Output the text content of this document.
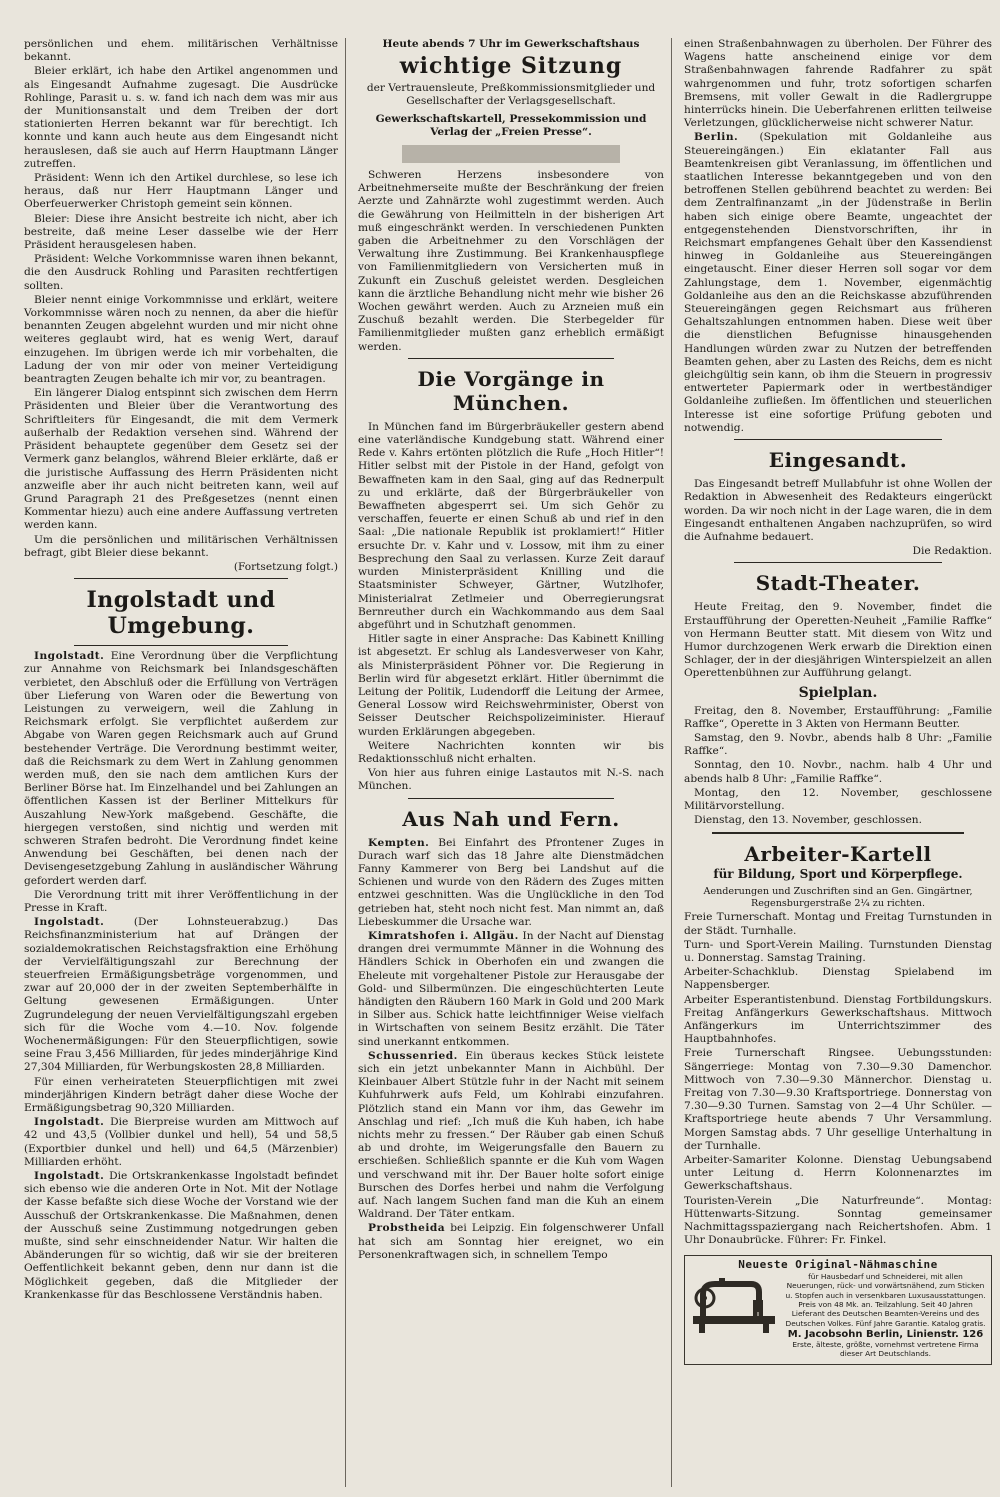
persönlichen und ehem. militärischen Verhältnisse bekannt.

Bleier erklärt, ich habe den Artikel angenommen und als Eingesandt Aufnahme zugesagt. Die Ausdrücke Rohlinge, Parasit u. s. w. fand ich nach dem was mir aus der Munitionsanstalt und dem Treiben der dort stationierten Herren bekannt war für berechtigt. Ich konnte und kann auch heute aus dem Eingesandt nicht herauslesen, daß sie auch auf Herrn Hauptmann Länger zutreffen.

Präsident: Wenn ich den Artikel durchlese, so lese ich heraus, daß nur Herr Hauptmann Länger und Oberfeuerwerker Christoph gemeint sein können.

Bleier: Diese ihre Ansicht bestreite ich nicht, aber ich bestreite, daß meine Leser dasselbe wie der Herr Präsident herausgelesen haben.

Präsident: Welche Vorkommnisse waren ihnen bekannt, die den Ausdruck Rohling und Parasiten rechtfertigen sollten.

Bleier nennt einige Vorkommnisse und erklärt, weitere Vorkommnisse wären noch zu nennen, da aber die hiefür benannten Zeugen abgelehnt wurden und mir nicht ohne weiteres geglaubt wird, hat es wenig Wert, darauf einzugehen. Im übrigen werde ich mir vorbehalten, die Ladung der von mir oder von meiner Verteidigung beantragten Zeugen behalte ich mir vor, zu beantragen.

Ein längerer Dialog entspinnt sich zwischen dem Herrn Präsidenten und Bleier über die Verantwortung des Schriftleiters für Eingesandt, die mit dem Vermerk außerhalb der Redaktion versehen sind. Während der Präsident behauptete gegenüber dem Gesetz sei der Vermerk ganz belanglos, während Bleier erklärte, daß er die juristische Auffassung des Herrn Präsidenten nicht anzweifle aber ihr auch nicht beitreten kann, weil auf Grund Paragraph 21 des Preßgesetzes (nennt einen Kommentar hiezu) auch eine andere Auffassung vertreten werden kann.

Um die persönlichen und militärischen Verhältnissen befragt, gibt Bleier diese bekannt.

(Fortsetzung folgt.)

Ingolstadt und Umgebung.

Ingolstadt. Eine Verordnung über die Verpflichtung zur Annahme von Reichsmark bei Inlandsgeschäften verbietet, den Abschluß oder die Erfüllung von Verträgen über Lieferung von Waren oder die Bewertung von Leistungen zu verweigern, weil die Zahlung in Reichsmark erfolgt. Sie verpflichtet außerdem zur Abgabe von Waren gegen Reichsmark auch auf Grund bestehender Verträge. Die Verordnung bestimmt weiter, daß die Reichsmark zu dem Wert in Zahlung genommen werden muß, den sie nach dem amtlichen Kurs der Berliner Börse hat. Im Einzelhandel und bei Zahlungen an öffentlichen Kassen ist der Berliner Mittelkurs für Auszahlung New-York maßgebend. Geschäfte, die hiergegen verstoßen, sind nichtig und werden mit schweren Strafen bedroht. Die Verordnung findet keine Anwendung bei Geschäften, bei denen nach der Devisengesetzgebung Zahlung in ausländischer Währung gefordert werden darf.

Die Verordnung tritt mit ihrer Veröffentlichung in der Presse in Kraft.

Ingolstadt.	(Der Lohnsteuerabzug.) Das Reichsfinanzministerium hat auf Drängen der sozialdemokratischen Reichstagsfraktion eine Erhöhung der Vervielfältigungszahl zur Berechnung der steuerfreien Ermäßigungsbeträge vorgenommen, und zwar auf 20,000 der in der zweiten Septemberhälfte in Geltung gewesenen Ermäßigungen. Unter Zugrundelegung der neuen Vervielfältigungszahl ergeben sich für die Woche vom 4.—10. Nov. folgende Wochenermäßigungen: Für den Steuerpflichtigen, sowie seine Frau 3,456 Milliarden, für jedes minderjährige Kind 27,304 Milliarden, für Werbungskosten 28,8 Milliarden.

Für einen verheirateten Steuerpflichtigen mit zwei minderjährigen Kindern beträgt daher diese Woche der Ermäßigungsbetrag 90,320 Milliarden.

Ingolstadt. Die Bierpreise wurden am Mittwoch auf 42 und 43,5 (Vollbier dunkel und hell), 54 und 58,5 (Exportbier dunkel und hell) und 64,5 (Märzenbier) Milliarden erhöht.

Ingolstadt. Die Ortskrankenkasse Ingolstadt befindet sich ebenso wie die anderen Orte in Not. Mit der Notlage der Kasse befaßte sich diese Woche der Vorstand wie der Ausschuß der Ortskrankenkasse. Die Maßnahmen, denen der Ausschuß seine Zustimmung notgedrungen geben mußte, sind sehr einschneidender Natur. Wir halten die Abänderungen für so wichtig, daß wir sie der breiteren Oeffentlichkeit bekannt geben, denn nur dann ist die Möglichkeit gegeben, daß die Mitglieder der Krankenkasse für das Beschlossene Verständnis haben.

Heute abends 7 Uhr im Gewerkschaftshaus
wichtige Sitzung

der Vertrauensleute, Preßkommissionsmitglieder und Gesellschafter der Verlagsgesellschaft.

Gewerkschaftskartell, Pressekommission und Verlag der „Freien Presse“.

Schweren Herzens insbesondere von Arbeitnehmerseite mußte der Beschränkung der freien Aerzte und Zahnärzte wohl zugestimmt werden. Auch die Gewährung von Heilmitteln in der bisherigen Art muß eingeschränkt werden. In verschiedenen Punkten gaben die Arbeitnehmer zu den Vorschlägen der Verwaltung ihre Zustimmung. Bei Krankenhauspflege von Familienmitgliedern von Versicherten muß in Zukunft ein Zuschuß geleistet werden. Desgleichen kann die ärztliche Behandlung nicht mehr wie bisher 26 Wochen gewährt werden. Auch zu Arzneien muß ein Zuschuß bezahlt werden. Die Sterbegelder für Familienmitglieder mußten ganz erheblich ermäßigt werden.

Die Vorgänge in München.

In München fand im Bürgerbräukeller gestern abend eine vaterländische Kundgebung statt. Während einer Rede v. Kahrs ertönten plötzlich die Rufe „Hoch Hitler“! Hitler selbst mit der Pistole in der Hand, gefolgt von Bewaffneten kam in den Saal, ging auf das Rednerpult zu und erklärte, daß der Bürgerbräukeller von Bewaffneten abgesperrt sei. Um sich Gehör zu verschaffen, feuerte er einen Schuß ab und rief in den Saal: „Die nationale Republik ist proklamiert!“ Hitler ersuchte Dr. v. Kahr und v. Lossow, mit ihm zu einer Besprechung den Saal zu verlassen. Kurze Zeit darauf wurden Ministerpräsident Knilling und die Staatsminister Schweyer, Gärtner, Wutzlhofer, Ministerialrat Zetlmeier und Oberregierungsrat Bernreuther durch ein Wachkommando aus dem Saal abgeführt und in Schutzhaft genommen.

Hitler sagte in einer Ansprache: Das Kabinett Knilling ist abgesetzt. Er schlug als Landesverweser von Kahr, als Ministerpräsident Pöhner vor. Die Regierung in Berlin wird für abgesetzt erklärt. Hitler übernimmt die Leitung der Politik, Ludendorff die Leitung der Armee, General Lossow wird Reichswehrminister, Oberst von Seisser Deutscher Reichspolizeiminister. Hierauf wurden Erklärungen abgegeben.

Weitere Nachrichten konnten wir bis Redaktionsschluß nicht erhalten.

Von hier aus fuhren einige Lastautos mit N.-S. nach München.

Aus Nah und Fern.

Kempten. Bei Einfahrt des Pfrontener Zuges in Durach warf sich das 18 Jahre alte Dienstmädchen Fanny Kammerer von Berg bei Landshut auf die Schienen und wurde von den Rädern des Zuges mitten entzwei geschnitten. Was die Unglückliche in den Tod getrieben hat, steht noch nicht fest. Man nimmt an, daß Liebeskummer die Ursache war.

Kimratshofen i. Allgäu. In der Nacht auf Dienstag drangen drei vermummte Männer in die Wohnung des Händlers Schick in Oberhofen ein und zwangen die Eheleute mit vorgehaltener Pistole zur Herausgabe der Gold- und Silbermünzen. Die eingeschüchterten Leute händigten den Räubern 160 Mark in Gold und 200 Mark in Silber aus. Schick hatte leichtfinniger Weise vielfach in Wirtschaften von seinem Besitz erzählt. Die Täter sind unerkannt entkommen.

Schussenried. Ein überaus keckes Stück leistete sich ein jetzt unbekannter Mann in Aichbühl. Der Kleinbauer Albert Stützle fuhr in der Nacht mit seinem Kuhfuhrwerk aufs Feld, um Kohlrabi einzufahren. Plötzlich stand ein Mann vor ihm, das Gewehr im Anschlag und rief: „Ich muß die Kuh haben, ich habe nichts mehr zu fressen.“ Der Räuber gab einen Schuß ab und drohte, im Weigerungsfalle den Bauern zu erschießen. Schließlich spannte er die Kuh vom Wagen und verschwand mit ihr. Der Bauer holte sofort einige Burschen des Dorfes herbei und nahm die Verfolgung auf. Nach langem Suchen fand man die Kuh an einem Waldrand. Der Täter entkam.

Probstheida bei Leipzig. Ein folgenschwerer Unfall hat sich am Sonntag hier ereignet, wo ein Personenkraftwagen sich, in schnellem Tempo

einen Straßenbahnwagen zu überholen. Der Führer des Wagens hatte anscheinend einige vor dem Straßenbahnwagen fahrende Radfahrer zu spät wahrgenommen und fuhr, trotz sofortigen scharfen Bremsens, mit voller Gewalt in die Radlergruppe hinterrücks hinein. Die Ueberfahrenen erlitten teilweise Verletzungen, glücklicherweise nicht schwerer Natur.

Berlin. (Spekulation mit Goldanleihe aus Steuereingängen.) Ein eklatanter Fall aus Beamtenkreisen gibt Veranlassung, im öffentlichen und staatlichen Interesse bekanntgegeben und von den betroffenen Stellen gebührend beachtet zu werden: Bei dem Zentralfinanzamt „in der Jüdenstraße in Berlin haben sich einige obere Beamte, ungeachtet der entgegenstehenden Dienstvorschriften, ihr in Reichsmart empfangenes Gehalt über den Kassendienst hinweg in Goldanleihe aus Steuereingängen eingetauscht. Einer dieser Herren soll sogar vor dem Zahlungstage, dem 1. November, eigenmächtig Goldanleihe aus den an die Reichskasse abzuführenden Steuereingängen gegen Reichsmart aus früheren Gehaltszahlungen entnommen haben. Diese weit über die dienstlichen Befugnisse hinausgehenden Handlungen würden zwar zu Nutzen der betreffenden Beamten gehen, aber zu Lasten des Reichs, dem es nicht gleichgültig sein kann, ob ihm die Steuern in progressiv entwerteter Papiermark oder in wertbeständiger Goldanleihe zufließen. Im öffentlichen und steuerlichen Interesse ist eine sofortige Prüfung geboten und notwendig.

Eingesandt.

Das Eingesandt betreff Mullabfuhr ist ohne Wollen der Redaktion in Abwesenheit des Redakteurs eingerückt worden. Da wir noch nicht in der Lage waren, die in dem Eingesandt enthaltenen Angaben nachzuprüfen, so wird die Aufnahme bedauert.

Die Redaktion.

Stadt-Theater.

Heute Freitag, den 9. November, findet die Erstaufführung der Operetten-Neuheit „Familie Raffke“ von Hermann Beutter statt. Mit diesem von Witz und Humor durchzogenen Werk erwarb die Direktion einen Schlager, der in der diesjährigen Winterspielzeit an allen Operettenbühnen zur Aufführung gelangt.

Spielplan.

Freitag, den 8. November, Erstaufführung: „Familie Raffke“, Operette in 3 Akten von Hermann Beutter.

Samstag, den 9. Novbr., abends halb 8 Uhr: „Familie Raffke“.

Sonntag, den 10. Novbr., nachm. halb 4 Uhr und abends halb 8 Uhr: „Familie Raffke“.

Montag, den 12. November, geschlossene Militärvorstellung.

Dienstag, den 13. November, geschlossen.

Arbeiter-Kartell
für Bildung, Sport und Körperpflege.

Aenderungen und Zuschriften sind an Gen. Gingärtner, Regensburgerstraße 2¼ zu richten.

Freie Turnerschaft. Montag und Freitag Turnstunden in der Städt. Turnhalle.

Turn- und Sport-Verein Mailing. Turnstunden Dienstag u. Donnerstag. Samstag Training.

Arbeiter-Schachklub. Dienstag Spielabend im Nappensberger.

Arbeiter Esperantistenbund. Dienstag Fortbildungskurs. Freitag Anfängerkurs Gewerkschaftshaus. Mittwoch Anfängerkurs im Unterrichtszimmer des Hauptbahnhofes.

Freie Turnerschaft Ringsee. Uebungsstunden: Sängerriege: Montag von 7.30—9.30 Damenchor. Mittwoch von 7.30—9.30 Männerchor. Dienstag u. Freitag von 7.30—9.30 Kraftsportriege. Donnerstag von 7.30—9.30 Turnen. Samstag von 2—4 Uhr Schüler. — Kraftsportriege heute abends 7 Uhr Versammlung. Morgen Samstag abds. 7 Uhr gesellige Unterhaltung in der Turnhalle.

Arbeiter-Samariter Kolonne. Dienstag Uebungsabend unter Leitung d. Herrn Kolonnenarztes im Gewerkschaftshaus.

Touristen-Verein „Die Naturfreunde“. Montag: Hüttenwarts-Sitzung. Sonntag gemeinsamer Nachmittagsspaziergang nach Reichertshofen. Abm. 1 Uhr Donaubrücke. Führer: Fr. Finkel.

Neueste Original-Nähmaschine
für Hausbedarf und Schneiderei, mit allen Neuerungen, rück- und vorwärtsnähend, zum Sticken u. Stopfen auch in versenkbaren Luxusausstattungen. Preis von 48 Mk. an. Teilzahlung. Seit 40 Jahren Lieferant des Deutschen Beamten-Vereins und des Deutschen Volkes. Fünf Jahre Garantie. Katalog gratis.
M. Jacobsohn Berlin, Linienstr. 126
Erste, älteste, größte, vornehmst vertretene Firma dieser Art Deutschlands.
